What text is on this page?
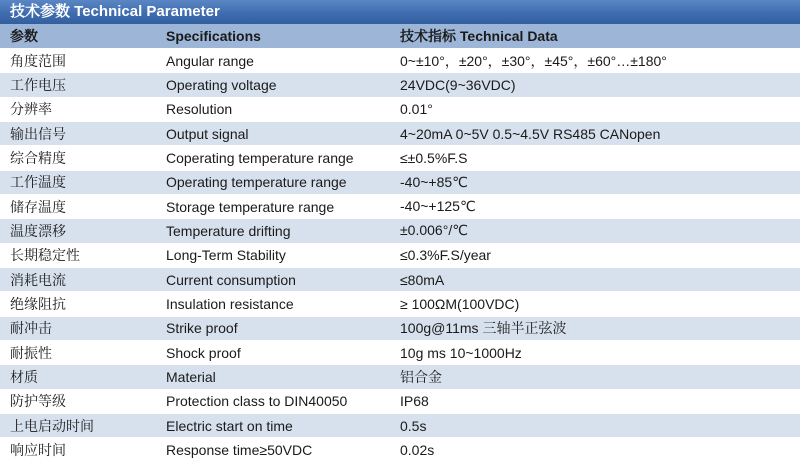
技术参数 Technical Parameter
参数	Specifications	技术指标 Technical Data
角度范围	Angular range	0~±10°，±20°，±30°，±45°，±60°…±180°
工作电压	Operating voltage	24VDC(9~36VDC)
分辨率	Resolution	0.01°
输出信号	Output signal	4~20mA 0~5V 0.5~4.5V RS485 CANopen
综合精度	Coperating temperature range	≤±0.5%F.S
工作温度	Operating temperature range	-40~+85℃
储存温度	Storage temperature range	-40~+125℃
温度漂移	Temperature drifting	±0.006°/℃
长期稳定性	Long-Term Stability	≤0.3%F.S/year
消耗电流	Current consumption	≤80mA
绝缘阻抗	Insulation resistance	≥ 100ΩM(100VDC)
耐冲击	Strike proof	100g@11ms 三轴半正弦波
耐振性	Shock proof	10g ms 10~1000Hz
材质	Material	铝合金
防护等级	Protection class to DIN40050	IP68
上电启动时间	Electric start on time	0.5s
响应时间	Response time≥50VDC	0.02s
